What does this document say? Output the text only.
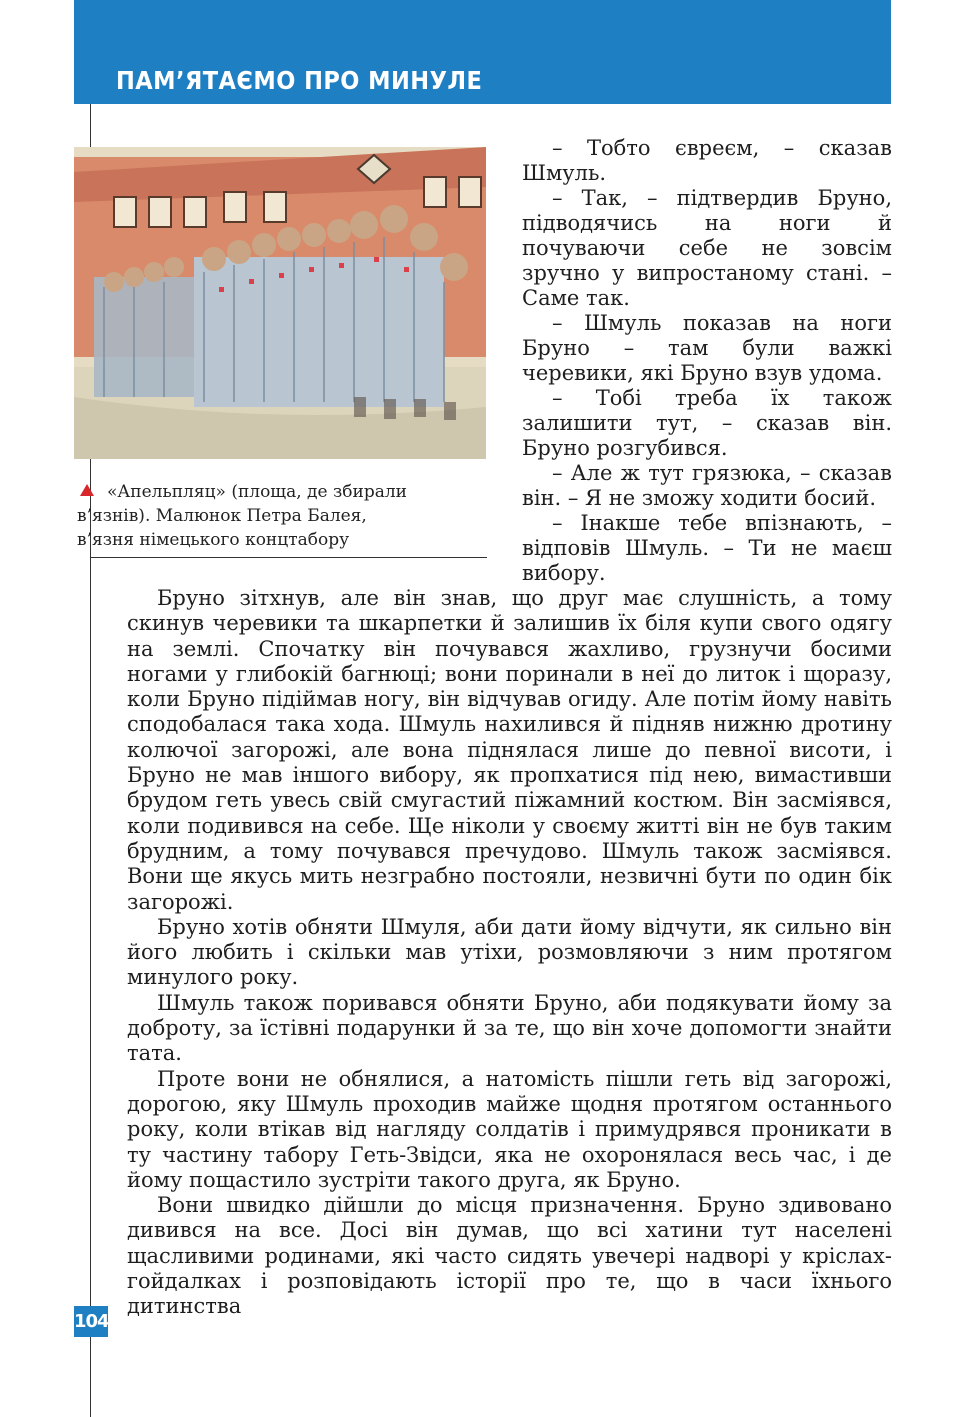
ПАМ’ЯТАЄМО ПРО МИНУЛЕ

«Апельпляц» (площа, де збирали

в’язнів). Малюнок Петра Балея,

в’язня німецького концтабору

– Тобто євреєм, – сказав Шмуль.

– Так, – підтвердив Бруно, підводячись на ноги й почуваючи себе не зовсім зручно у випростаному стані. – Саме так.

– Шмуль показав на ноги Бруно – там були важкі черевики, які Бруно взув удома.

– Тобі треба їх також залишити тут, – сказав він. Бруно розгубився.

– Але ж тут грязюка, – сказав він. – Я не зможу ходити босий.

– Інакше тебе впізнають, – відповів Шмуль. – Ти не маєш вибору.

Бруно зітхнув, але він знав, що друг має слушність, а тому скинув черевики та шкарпетки й залишив їх біля купи свого одягу на землі. Спочатку він почувався жахливо, грузнучи босими ногами у глибокій багнюці; вони поринали в неї до литок і щоразу, коли Бруно підіймав ногу, він відчував огиду. Але потім йому навіть сподобалася така хода. Шмуль нахилився й підняв нижню дротину колючої загорожі, але вона піднялася лише до певної висоти, і Бруно не мав іншого вибору, як пропхатися під нею, вимастивши брудом геть увесь свій смугастий піжамний костюм. Він засміявся, коли подивився на себе. Ще ніколи у своєму житті він не був таким брудним, а тому почувався пречудово. Шмуль також засміявся. Вони ще якусь мить незграбно постояли, незвичні бути по один бік загорожі.

Бруно хотів обняти Шмуля, аби дати йому відчути, як сильно він його любить і скільки мав утіхи, розмовляючи з ним протягом минулого року.

Шмуль також поривався обняти Бруно, аби подякувати йому за доброту, за їстівні подарунки й за те, що він хоче допомогти знайти тата.

Проте вони не обнялися, а натомість пішли геть від загорожі, дорогою, яку Шмуль проходив майже щодня протягом останнього року, коли втікав від нагляду солдатів і примудрявся проникати в ту частину табору Геть-Звідси, яка не охоронялася весь час, і де йому пощастило зустріти такого друга, як Бруно.

Вони швидко дійшли до місця призначення. Бруно здивовано дивився на все. Досі він думав, що всі хатини тут населені щасливими родинами, які часто сидять увечері надворі у кріслах-гойдалках і розповідають історії про те, що в часи їхнього дитинства

104
